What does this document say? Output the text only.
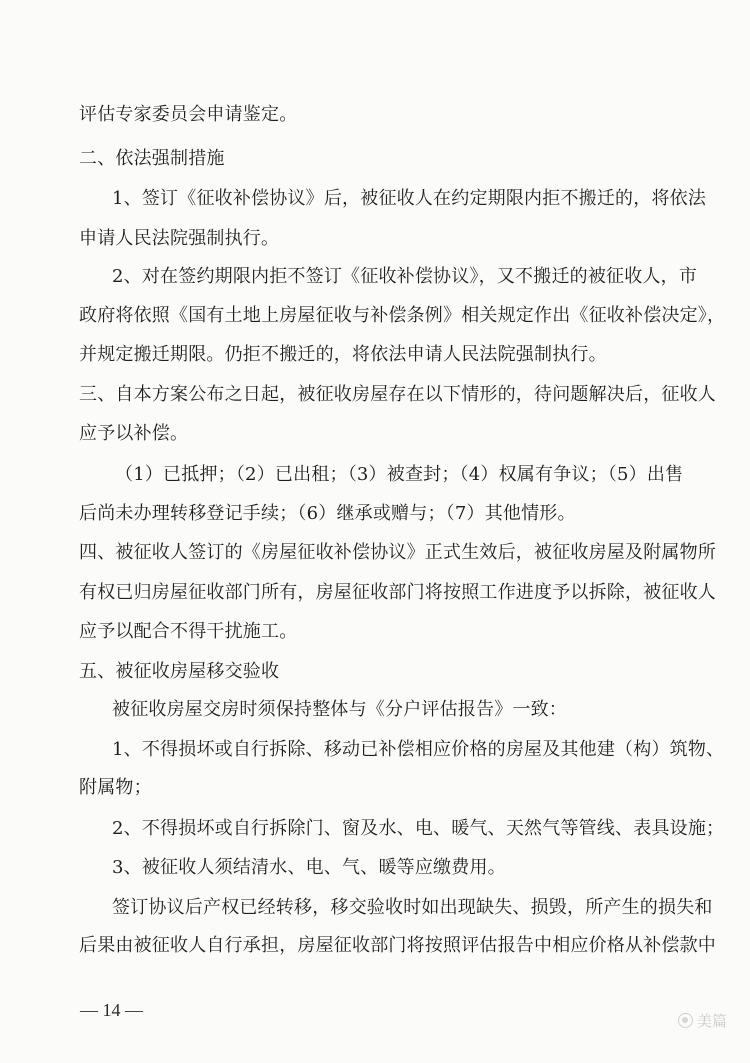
评估专家委员会申请鉴定。
二、依法强制措施
1、签订《征收补偿协议》后，被征收人在约定期限内拒不搬迁的，将依法
申请人民法院强制执行。
2、对在签约期限内拒不签订《征收补偿协议》，又不搬迁的被征收人，市
政府将依照《国有土地上房屋征收与补偿条例》相关规定作出《征收补偿决定》，
并规定搬迁期限。仍拒不搬迁的，将依法申请人民法院强制执行。
三、自本方案公布之日起，被征收房屋存在以下情形的，待问题解决后，征收人
应予以补偿。
（1）已抵押；（2）已出租；（3）被查封；（4）权属有争议；（5）出售
后尚未办理转移登记手续；（6）继承或赠与；（7）其他情形。
四、被征收人签订的《房屋征收补偿协议》正式生效后，被征收房屋及附属物所
有权已归房屋征收部门所有，房屋征收部门将按照工作进度予以拆除，被征收人
应予以配合不得干扰施工。
五、被征收房屋移交验收
被征收房屋交房时须保持整体与《分户评估报告》一致：
1、不得损坏或自行拆除、移动已补偿相应价格的房屋及其他建（构）筑物、
附属物；
2、不得损坏或自行拆除门、窗及水、电、暖气、天然气等管线、表具设施；
3、被征收人须结清水、电、气、暖等应缴费用。
签订协议后产权已经转移，移交验收时如出现缺失、损毁，所产生的损失和
后果由被征收人自行承担，房屋征收部门将按照评估报告中相应价格从补偿款中
— 14 —
美篇
